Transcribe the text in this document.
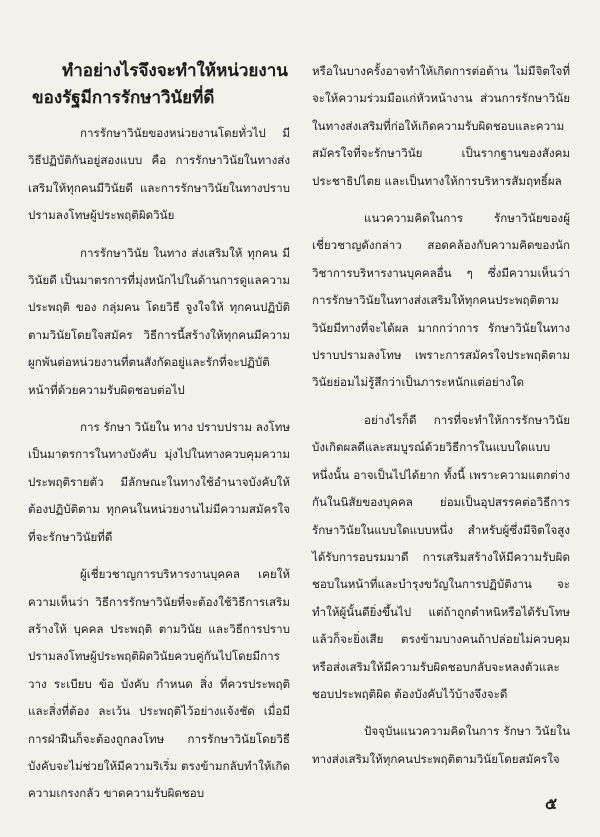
ทำอย่างไรจึงจะทำให้หน่วยงาน
ของรัฐมีการรักษาวินัยที่ดี

การรักษาวินัยของหน่วยงานโดยทั่วไป มีวิธีปฏิบัติกันอยู่สองแบบ คือ การรักษาวินัยในทางส่งเสริมให้ทุกคนมีวินัยดี และการรักษาวินัยในทางปราบปรามลงโทษผู้ประพฤติผิดวินัย

การรักษาวินัย ในทาง ส่งเสริมให้ ทุกคน มีวินัยดี เป็นมาตรการที่มุ่งหนักไปในด้านการดูแลความ ประพฤติ ของ กลุ่มคน โดยวิธี จูงใจให้ ทุกคนปฏิบัติตามวินัยโดยใจสมัคร วิธีการนี้สร้างให้ทุกคนมีความผูกพันต่อหน่วยงานที่ตนสังกัดอยู่และรักที่จะปฏิบัติหน้าที่ด้วยความรับผิดชอบต่อไป

การ รักษา วินัยใน ทาง ปราบปราม ลงโทษเป็นมาตรการในทางบังคับ มุ่งไปในทางควบคุมความประพฤติรายตัว มีลักษณะในทางใช้อำนาจบังคับให้ต้องปฏิบัติตาม ทุกคนในหน่วยงานไม่มีความสมัครใจที่จะรักษาวินัยที่ดี

ผู้เชี่ยวชาญการบริหารงานบุคคล เคยให้ความเห็นว่า วิธีการรักษาวินัยที่จะต้องใช้วิธีการเสริมสร้างให้ บุคคล ประพฤติ ตามวินัย และวิธีการปราบปรามลงโทษผู้ประพฤติผิดวินัยควบคู่กันไปโดยมีการ วาง ระเบียบ ข้อ บังคับ กำหนด สิ่ง ที่ควรประพฤติและสิ่งที่ต้อง ละเว้น ประพฤติไว้อย่างแจ้งชัด เมื่อมีการฝ่าฝืนก็จะต้องถูกลงโทษ การรักษาวินัยโดยวิธีบังคับจะไม่ช่วยให้มีความริเริ่ม ตรงข้ามกลับทำให้เกิดความเกรงกลัว ขาดความรับผิดชอบ

หรือในบางครั้งอาจทำให้เกิดการต่อต้าน ไม่มีจิตใจที่จะให้ความร่วมมือแก่หัวหน้างาน ส่วนการรักษาวินัยในทางส่งเสริมที่ก่อให้เกิดความรับผิดชอบและความสมัครใจที่จะรักษาวินัย เป็นรากฐานของสังคมประชาธิปไตย และเป็นทางให้การบริหารสัมฤทธิ์ผล

แนวความคิดในการ รักษาวินัยของผู้เชี่ยวชาญดังกล่าว สอดคล้องกับความคิดของนักวิชาการบริหารงานบุคคลอื่น ๆ ซึ่งมีความเห็นว่า การรักษาวินัยในทางส่งเสริมให้ทุกคนประพฤติตามวินัยมีทางที่จะได้ผล มากกว่าการ รักษาวินัยในทางปราบปรามลงโทษ เพราะการสมัครใจประพฤติตามวินัยย่อมไม่รู้สึกว่าเป็นภาระหนักแต่อย่างใด

อย่างไรก็ดี การที่จะทำให้การรักษาวินัยบังเกิดผลดีและสมบูรณ์ด้วยวิธีการในแบบใดแบบหนึ่งนั้น อาจเป็นไปได้ยาก ทั้งนี้ เพราะความแตกต่างกันในนิสัยของบุคคล ย่อมเป็นอุปสรรคต่อวิธีการรักษาวินัยในแบบใดแบบหนึ่ง สำหรับผู้ซึ่งมีจิตใจสูงได้รับการอบรมมาดี การเสริมสร้างให้มีความรับผิดชอบในหน้าที่และบำรุงขวัญในการปฏิบัติงาน จะทำให้ผู้นั้นดียิ่งขึ้นไป แต่ถ้าถูกตำหนิหรือได้รับโทษแล้วก็จะยิ่งเสีย ตรงข้ามบางคนถ้าปล่อยไม่ควบคุมหรือส่งเสริมให้มีความรับผิดชอบกลับจะหลงตัวและชอบประพฤติผิด ต้องบังคับไว้บ้างจึงจะดี

ปัจจุบันแนวความคิดในการ รักษา วินัยในทางส่งเสริมให้ทุกคนประพฤติตามวินัยโดยสมัครใจ

๕
